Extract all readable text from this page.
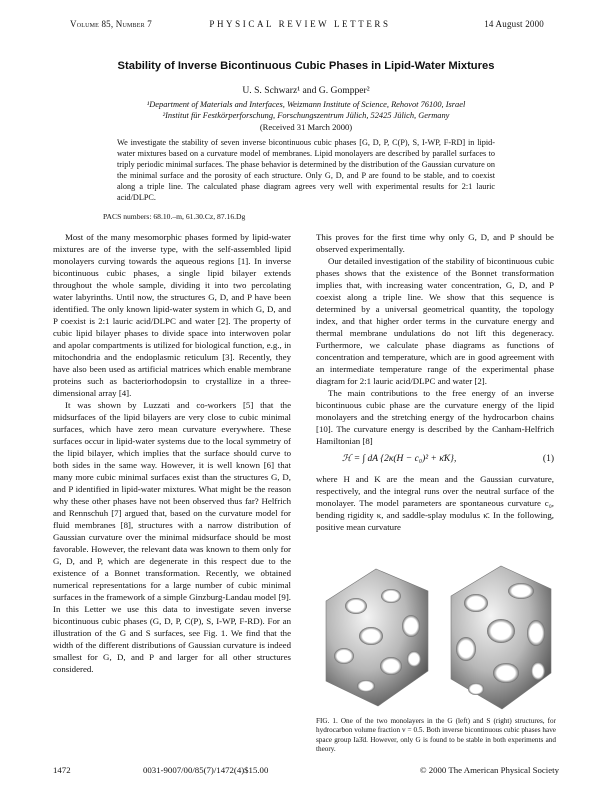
Volume 85, Number 7	PHYSICAL REVIEW LETTERS	14 August 2000
Stability of Inverse Bicontinuous Cubic Phases in Lipid-Water Mixtures
U. S. Schwarz¹ and G. Gompper²
¹Department of Materials and Interfaces, Weizmann Institute of Science, Rehovot 76100, Israel
²Institut für Festkörperforschung, Forschungszentrum Jülich, 52425 Jülich, Germany
(Received 31 March 2000)
We investigate the stability of seven inverse bicontinuous cubic phases [G, D, P, C(P), S, I-WP, F-RD] in lipid-water mixtures based on a curvature model of membranes. Lipid monolayers are described by parallel surfaces to triply periodic minimal surfaces. The phase behavior is determined by the distribution of the Gaussian curvature on the minimal surface and the porosity of each structure. Only G, D, and P are found to be stable, and to coexist along a triple line. The calculated phase diagram agrees very well with experimental results for 2:1 lauric acid/DLPC.
PACS numbers: 68.10.–m, 61.30.Cz, 87.16.Dg

Most of the many mesomorphic phases formed by lipid-water mixtures are of the inverse type, with the self-assembled lipid monolayers curving towards the aqueous regions [1]. In inverse bicontinuous cubic phases, a single lipid bilayer extends throughout the whole sample, dividing it into two percolating water labyrinths. Until now, the structures G, D, and P have been identified. The only known lipid-water system in which G, D, and P coexist is 2:1 lauric acid/DLPC and water [2]. The property of cubic lipid bilayer phases to divide space into interwoven polar and apolar compartments is utilized for biological function, e.g., in mitochondria and the endoplasmic reticulum [3]. Recently, they have also been used as artificial matrices which enable membrane proteins such as bacteriorhodopsin to crystallize in a three-dimensional array [4].

It was shown by Luzzati and co-workers [5] that the midsurfaces of the lipid bilayers are very close to cubic minimal surfaces, which have zero mean curvature everywhere. These surfaces occur in lipid-water systems due to the local symmetry of the lipid bilayer, which implies that the surface should curve to both sides in the same way. However, it is well known [6] that many more cubic minimal surfaces exist than the structures G, D, and P identified in lipid-water mixtures. What might be the reason why these other phases have not been observed thus far? Helfrich and Rennschuh [7] argued that, based on the curvature model for fluid membranes [8], structures with a narrow distribution of Gaussian curvature over the minimal midsurface should be most favorable. However, the relevant data was known to them only for G, D, and P, which are degenerate in this respect due to the existence of a Bonnet transformation. Recently, we obtained numerical representations for a large number of cubic minimal surfaces in the framework of a simple Ginzburg-Landau model [9]. In this Letter we use this data to investigate seven inverse bicontinuous cubic phases (G, D, P, C(P), S, I-WP, F-RD). For an illustration of the G and S surfaces, see Fig. 1. We find that the width of the different distributions of Gaussian curvature is indeed smallest for G, D, and P and larger for all other structures considered.

This proves for the first time why only G, D, and P should be observed experimentally.

Our detailed investigation of the stability of bicontinuous cubic phases shows that the existence of the Bonnet transformation implies that, with increasing water concentration, G, D, and P coexist along a triple line. We show that this sequence is determined by a universal geometrical quantity, the topology index, and that higher order terms in the curvature energy and thermal membrane undulations do not lift this degeneracy. Furthermore, we calculate phase diagrams as functions of concentration and temperature, which are in good agreement with an intermediate temperature range of the experimental phase diagram for 2:1 lauric acid/DLPC and water [2].

The main contributions to the free energy of an inverse bicontinuous cubic phase are the curvature energy of the lipid monolayers and the stretching energy of the hydrocarbon chains [10]. The curvature energy is described by the Canham-Helfrich Hamiltonian [8]

ℋ = ∫ dA {2κ(H − c₀)² + κ̄K},	(1)

where H and K are the mean and the Gaussian curvature, respectively, and the integral runs over the neutral surface of the monolayer. The model parameters are spontaneous curvature c₀, bending rigidity κ, and saddle-splay modulus κ̄. In the following, positive mean curvature

FIG. 1. One of the two monolayers in the G (left) and S (right) structures, for hydrocarbon volume fraction v = 0.5. Both inverse bicontinuous cubic phases have space group Ia3̄d. However, only G is found to be stable in both experiments and theory.
1472	0031-9007/00/85(7)/1472(4)$15.00	© 2000 The American Physical Society
